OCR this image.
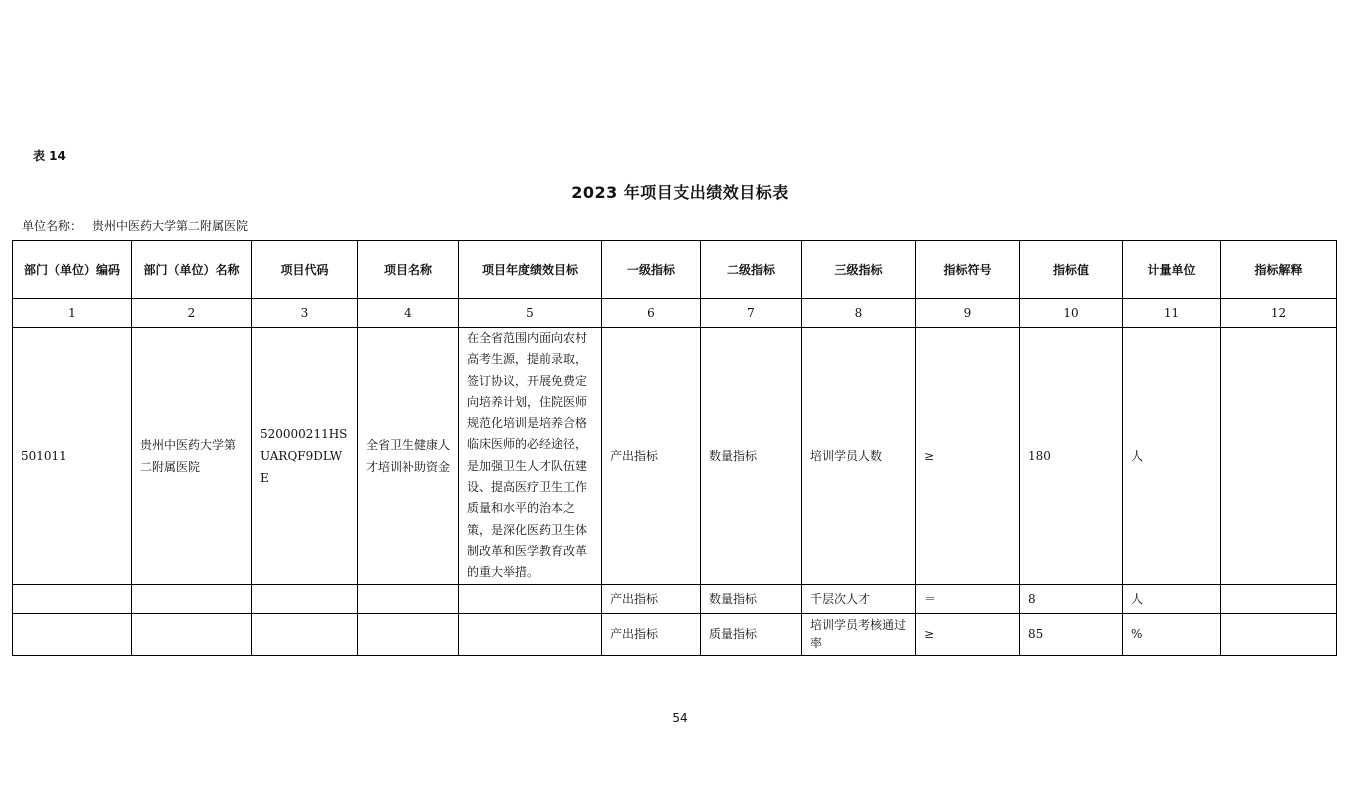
表 14
2023 年项目支出绩效目标表
单位名称： 贵州中医药大学第二附属医院
部门（单位）编码	部门（单位）名称	项目代码	项目名称	项目年度绩效目标	一级指标	二级指标	三级指标	指标符号	指标值	计量单位	指标解释
1	2	3	4	5	6	7	8	9	10	11	12
501011	贵州中医药大学第二附属医院	520000211HSUARQF9DLWE	全省卫生健康人才培训补助资金	在全省范围内面向农村高考生源，提前录取，签订协议，开展免费定向培养计划，住院医师规范化培训是培养合格临床医师的必经途径，是加强卫生人才队伍建设、提高医疗卫生工作质量和水平的治本之策，是深化医药卫生体制改革和医学教育改革的重大举措。	产出指标	数量指标	培训学员人数	≥	180	人	
					产出指标	数量指标	千层次人才	＝	8	人	
					产出指标	质量指标	培训学员考核通过率	≥	85	%	
54
